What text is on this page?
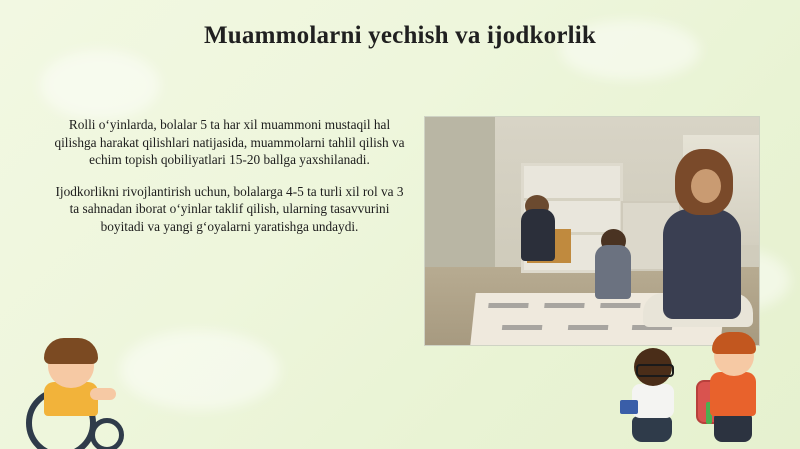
Muammolarni yechish va ijodkorlik
Rolli o‘yinlarda, bolalar 5 ta har xil muammoni mustaqil hal qilishga harakat qilishlari natijasida, muammolarni tahlil qilish va echim topish qobiliyatlari 15-20 ballga yaxshilanadi.
Ijodkorlikni rivojlantirish uchun, bolalarga 4-5 ta turli xil rol va 3 ta sahnadan iborat o‘yinlar taklif qilish, ularning tasavvurini boyitadi va yangi g‘oyalarni yaratishga undaydi.
